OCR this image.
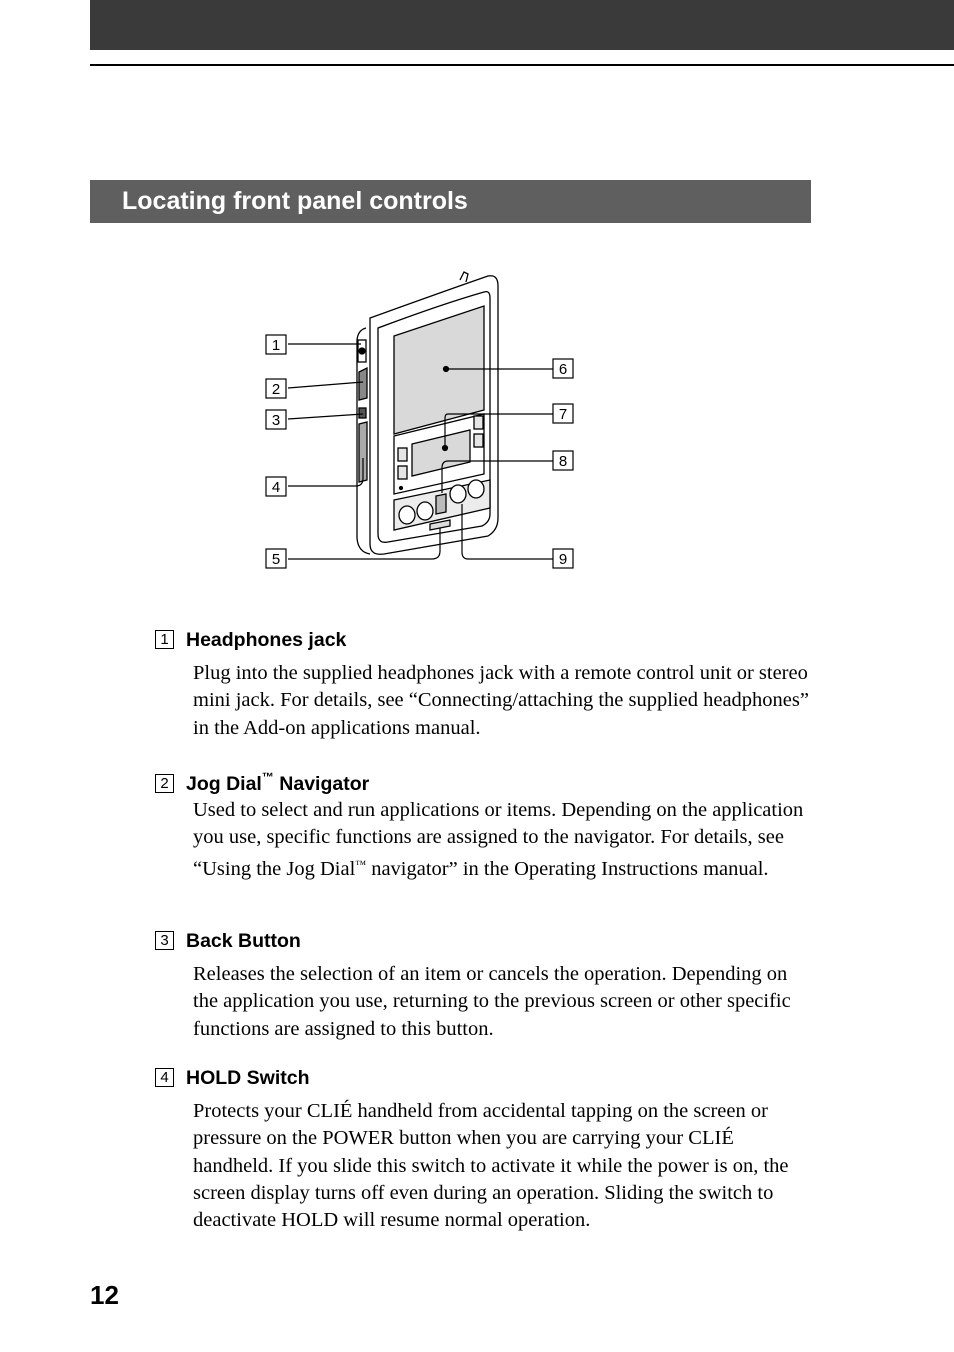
Locating front panel controls
1
2
3
4
5
6
7
8
9
1 Headphones jack
Plug into the supplied headphones jack with a remote control unit or stereo mini jack. For details, see “Connecting/attaching the supplied headphones” in the Add-on applications manual.
2 Jog Dial™ Navigator
Used to select and run applications or items. Depending on the application you use, specific functions are assigned to the navigator. For details, see “Using the Jog Dial™ navigator” in the Operating Instructions manual.
3 Back Button
Releases the selection of an item or cancels the operation. Depending on the application you use, returning to the previous screen or other specific functions are assigned to this button.
4 HOLD Switch
Protects your CLIÉ handheld from accidental tapping on the screen or pressure on the POWER button when you are carrying your CLIÉ handheld. If you slide this switch to activate it while the power is on, the screen display turns off even during an operation. Sliding the switch to deactivate HOLD will resume normal operation.
12
